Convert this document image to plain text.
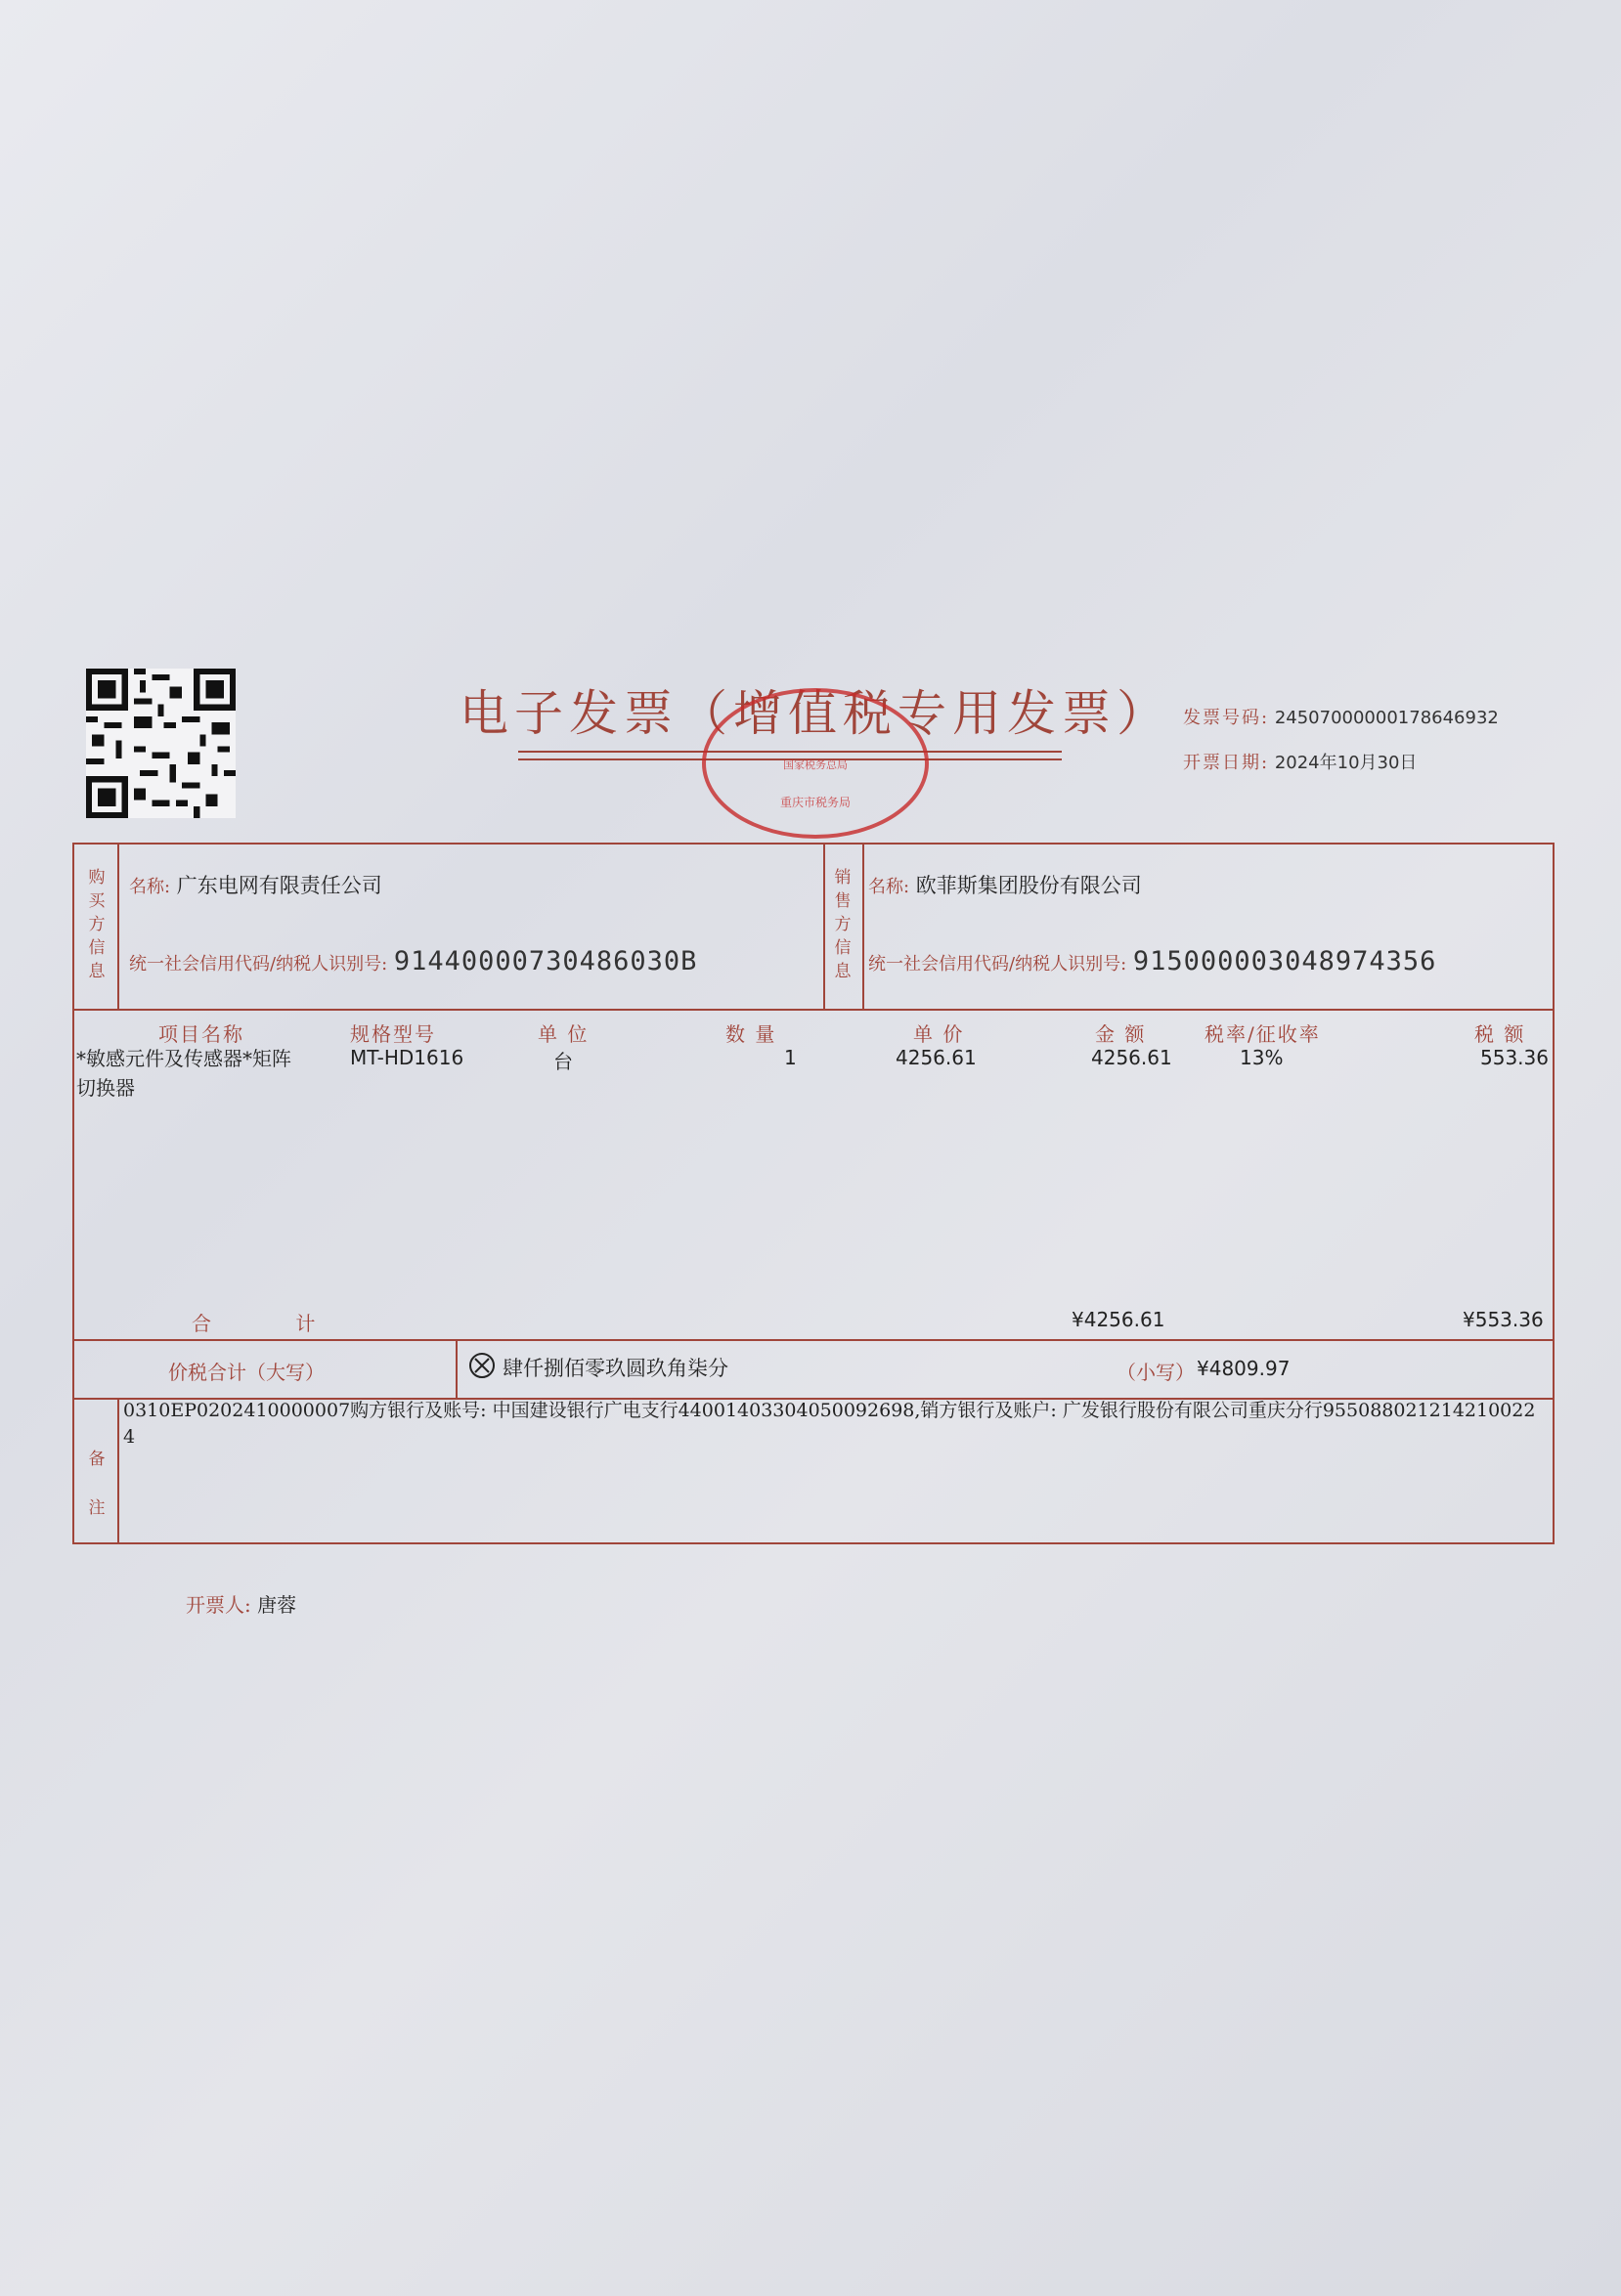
电子发票（增值税专用发票）
国家税务总局
重庆市税务局
发票号码: 24507000000178646932
开票日期: 2024年10月30日
购买方信息
名称: 广东电网有限责任公司
统一社会信用代码/纳税人识别号: 91440000730486030B
销售方信息
名称: 欧菲斯集团股份有限公司
统一社会信用代码/纳税人识别号: 915000003048974356
项目名称	规格型号	单 位	数 量	单 价	金 额	税率/征收率	税 额
*敏感元件及传感器*矩阵切换器
MT-HD1616	台	1	4256.61	4256.61	13%	553.36
合 计	¥4256.61	¥553.36
价税合计（大写）	肆仟捌佰零玖圆玖角柒分	（小写） ¥4809.97
备注
0310EP0202410000007购方银行及账号: 中国建设银行广电支行44001403304050092698,销方银行及账户: 广发银行股份有限公司重庆分行9550880212142100224
开票人: 唐蓉
